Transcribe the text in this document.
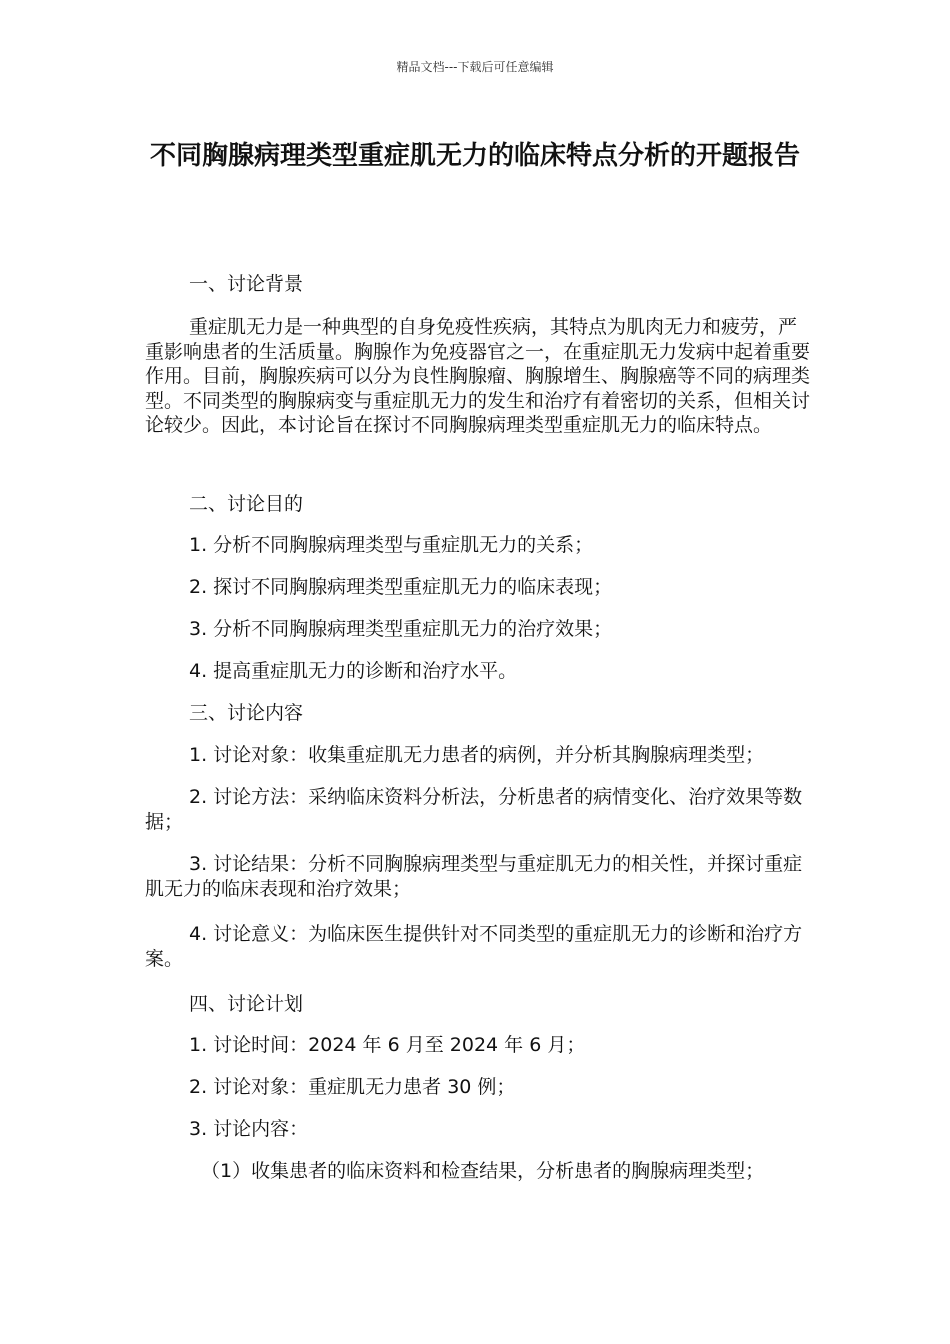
精品文档---下载后可任意编辑
不同胸腺病理类型重症肌无力的临床特点分析的开题报告
一、讨论背景
重症肌无力是一种典型的自身免疫性疾病，其特点为肌肉无力和疲劳，严重影响患者的生活质量。胸腺作为免疫器官之一，在重症肌无力发病中起着重要作用。目前，胸腺疾病可以分为良性胸腺瘤、胸腺增生、胸腺癌等不同的病理类型。不同类型的胸腺病变与重症肌无力的发生和治疗有着密切的关系，但相关讨论较少。因此，本讨论旨在探讨不同胸腺病理类型重症肌无力的临床特点。
二、讨论目的
1. 分析不同胸腺病理类型与重症肌无力的关系；
2. 探讨不同胸腺病理类型重症肌无力的临床表现；
3. 分析不同胸腺病理类型重症肌无力的治疗效果；
4. 提高重症肌无力的诊断和治疗水平。
三、讨论内容
1. 讨论对象：收集重症肌无力患者的病例，并分析其胸腺病理类型；
2. 讨论方法：采纳临床资料分析法，分析患者的病情变化、治疗效果等数据；
3. 讨论结果：分析不同胸腺病理类型与重症肌无力的相关性，并探讨重症肌无力的临床表现和治疗效果；
4. 讨论意义：为临床医生提供针对不同类型的重症肌无力的诊断和治疗方案。
四、讨论计划
1. 讨论时间：2024 年 6 月至 2024 年 6 月；
2. 讨论对象：重症肌无力患者 30 例；
3. 讨论内容：
（1）收集患者的临床资料和检查结果，分析患者的胸腺病理类型；
